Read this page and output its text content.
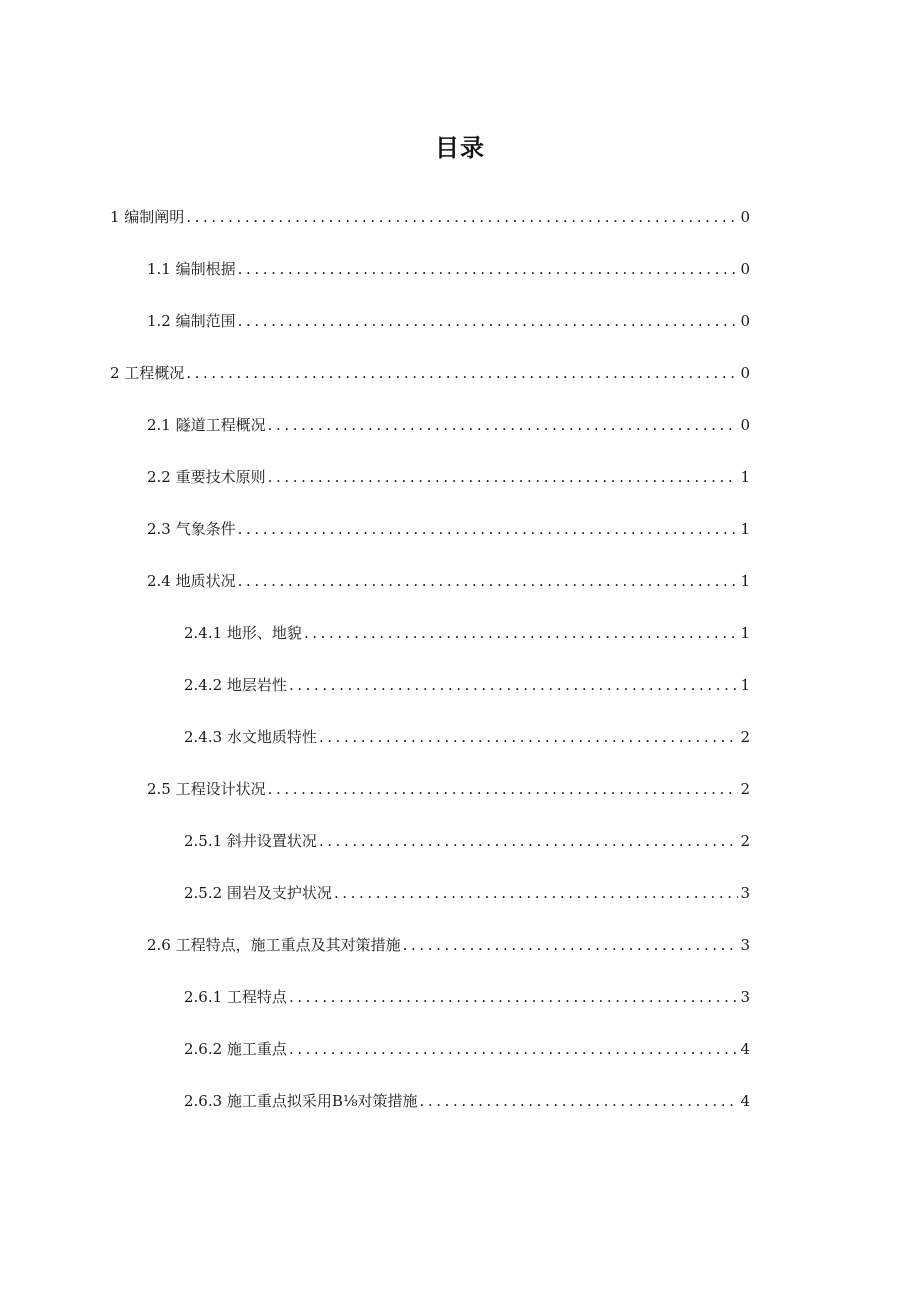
目录
1 编制阐明 .....	0
1.1 编制根据 .....	0
1.2 编制范围 .....	0
2 工程概况 .....	0
2.1 隧道工程概况 .....	0
2.2 重要技术原则 .....	1
2.3 气象条件 .....	1
2.4 地质状况 .....	1
2.4.1 地形、地貌 .....	1
2.4.2 地层岩性 .....	1
2.4.3 水文地质特性 .....	2
2.5 工程设计状况 .....	2
2.5.1 斜井设置状况 .....	2
2.5.2 围岩及支护状况 .....	3
2.6 工程特点，施工重点及其对策措施 .....	3
2.6.1 工程特点 .....	3
2.6.2 施工重点 .....	4
2.6.3 施工重点拟采用B⅛对策措施 .....	4
